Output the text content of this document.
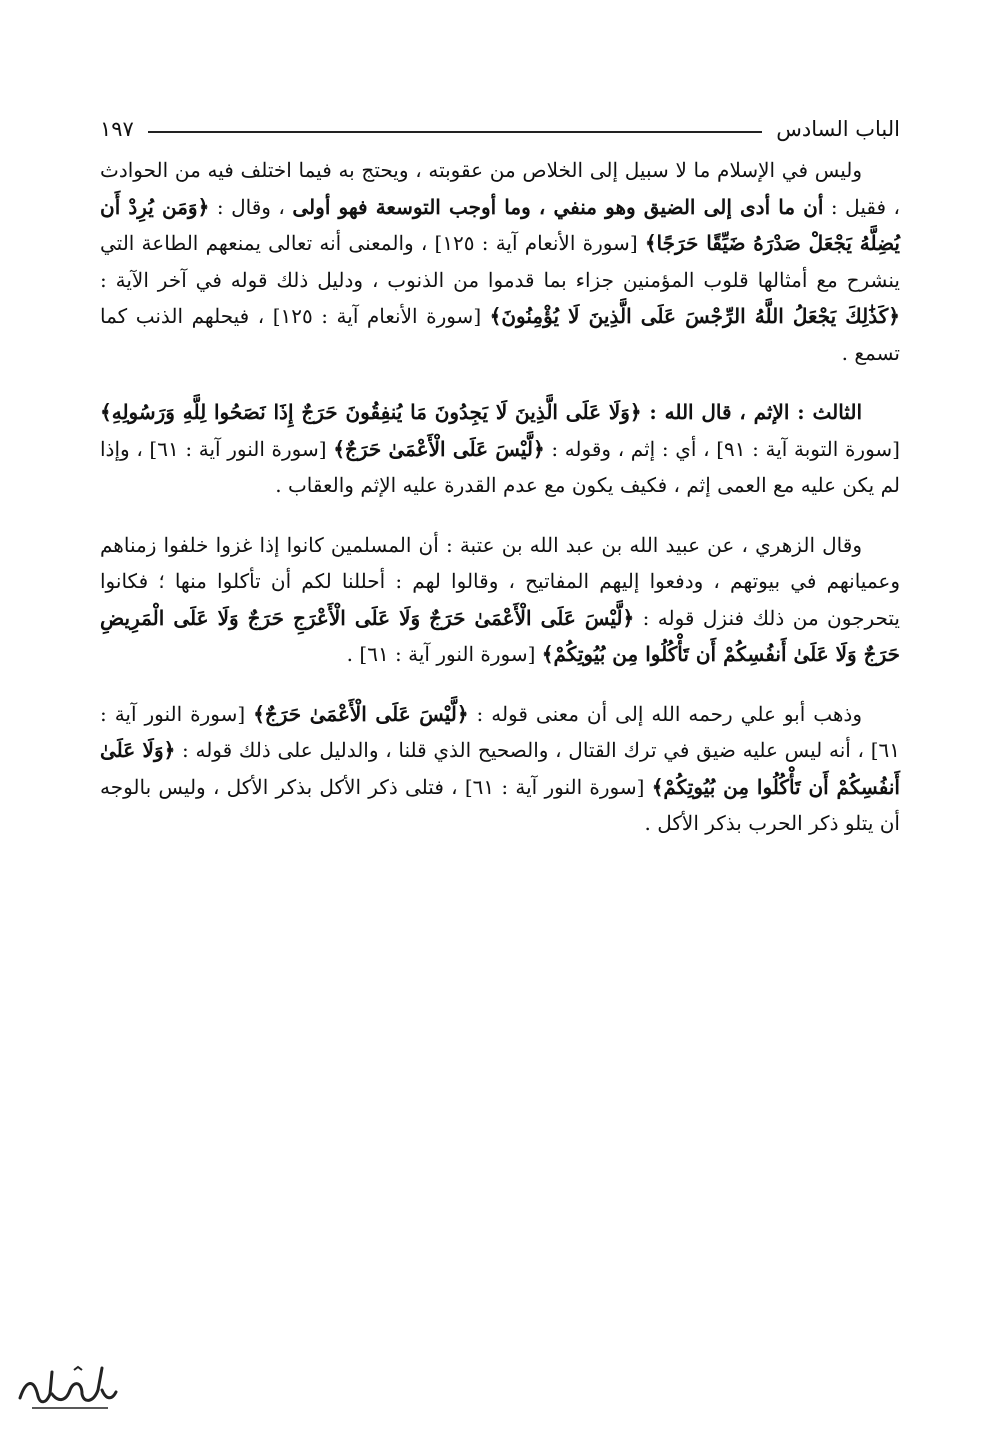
الباب السادس
١٩٧

وليس في الإسلام ما لا سبيل إلى الخلاص من عقوبته ، ويحتج به فيما اختلف فيه من الحوادث ، فقيل : أن ما أدى إلى الضيق وهو منفي ، وما أوجب التوسعة فهو أولى ، وقال : ﴿وَمَن يُرِدْ أَن يُضِلَّهُ يَجْعَلْ صَدْرَهُ ضَيِّقًا حَرَجًا﴾ [سورة الأنعام آية : ١٢٥] ، والمعنى أنه تعالى يمنعهم الطاعة التي ينشرح مع أمثالها قلوب المؤمنين جزاء بما قدموا من الذنوب ، ودليل ذلك قوله في آخر الآية : ﴿كَذَٰلِكَ يَجْعَلُ اللَّهُ الرِّجْسَ عَلَى الَّذِينَ لَا يُؤْمِنُونَ﴾ [سورة الأنعام آية : ١٢٥] ، فيحلهم الذنب كما تسمع .

الثالث : الإثم ، قال الله : ﴿وَلَا عَلَى الَّذِينَ لَا يَجِدُونَ مَا يُنفِقُونَ حَرَجٌ إِذَا نَصَحُوا لِلَّهِ وَرَسُولِهِ﴾ [سورة التوبة آية : ٩١] ، أي : إثم ، وقوله : ﴿لَّيْسَ عَلَى الْأَعْمَىٰ حَرَجٌ﴾ [سورة النور آية : ٦١] ، وإذا لم يكن عليه مع العمى إثم ، فكيف يكون مع عدم القدرة عليه الإثم والعقاب .

وقال الزهري ، عن عبيد الله بن عبد الله بن عتبة : أن المسلمين كانوا إذا غزوا خلفوا زمناهم وعميانهم في بيوتهم ، ودفعوا إليهم المفاتيح ، وقالوا لهم : أحللنا لكم أن تأكلوا منها ؛ فكانوا يتحرجون من ذلك فنزل قوله : ﴿لَّيْسَ عَلَى الْأَعْمَىٰ حَرَجٌ وَلَا عَلَى الْأَعْرَجِ حَرَجٌ وَلَا عَلَى الْمَرِيضِ حَرَجٌ وَلَا عَلَىٰ أَنفُسِكُمْ أَن تَأْكُلُوا مِن بُيُوتِكُمْ﴾ [سورة النور آية : ٦١] .

وذهب أبو علي رحمه الله إلى أن معنى قوله : ﴿لَّيْسَ عَلَى الْأَعْمَىٰ حَرَجٌ﴾ [سورة النور آية : ٦١] ، أنه ليس عليه ضيق في ترك القتال ، والصحيح الذي قلنا ، والدليل على ذلك قوله : ﴿وَلَا عَلَىٰ أَنفُسِكُمْ أَن تَأْكُلُوا مِن بُيُوتِكُمْ﴾ [سورة النور آية : ٦١] ، فتلى ذكر الأكل بذكر الأكل ، وليس بالوجه أن يتلو ذكر الحرب بذكر الأكل .
